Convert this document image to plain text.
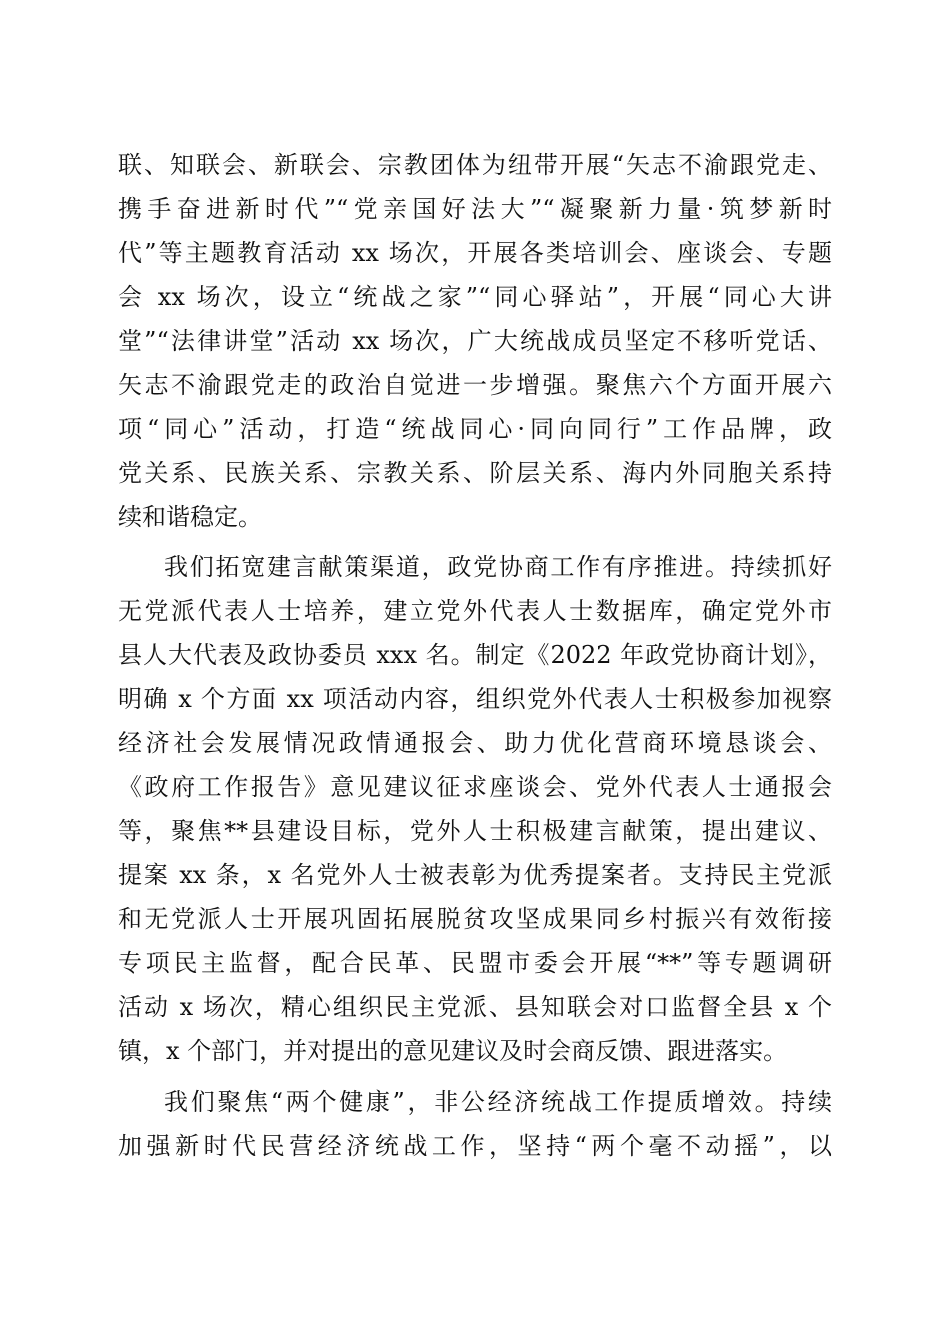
联、知联会、新联会、宗教团体为纽带开展“矢志不渝跟党走、
携手奋进新时代”“党亲国好法大”“凝聚新力量·筑梦新时
代”等主题教育活动 xx 场次，开展各类培训会、座谈会、专题
会 xx 场次，设立“统战之家”“同心驿站”，开展“同心大讲
堂”“法律讲堂”活动 xx 场次，广大统战成员坚定不移听党话、
矢志不渝跟党走的政治自觉进一步增强。聚焦六个方面开展六
项“同心”活动，打造“统战同心·同向同行”工作品牌，政
党关系、民族关系、宗教关系、阶层关系、海内外同胞关系持
续和谐稳定。
我们拓宽建言献策渠道，政党协商工作有序推进。持续抓好
无党派代表人士培养，建立党外代表人士数据库，确定党外市
县人大代表及政协委员 xxx 名。制定《2022 年政党协商计划》，
明确 x 个方面 xx 项活动内容，组织党外代表人士积极参加视察
经济社会发展情况政情通报会、助力优化营商环境恳谈会、
《政府工作报告》意见建议征求座谈会、党外代表人士通报会
等，聚焦**县建设目标，党外人士积极建言献策，提出建议、
提案 xx 条，x 名党外人士被表彰为优秀提案者。支持民主党派
和无党派人士开展巩固拓展脱贫攻坚成果同乡村振兴有效衔接
专项民主监督，配合民革、民盟市委会开展“**”等专题调研
活动 x 场次，精心组织民主党派、县知联会对口监督全县 x 个
镇，x 个部门，并对提出的意见建议及时会商反馈、跟进落实。
我们聚焦“两个健康”，非公经济统战工作提质增效。持续
加强新时代民营经济统战工作，坚持“两个毫不动摇”，以
